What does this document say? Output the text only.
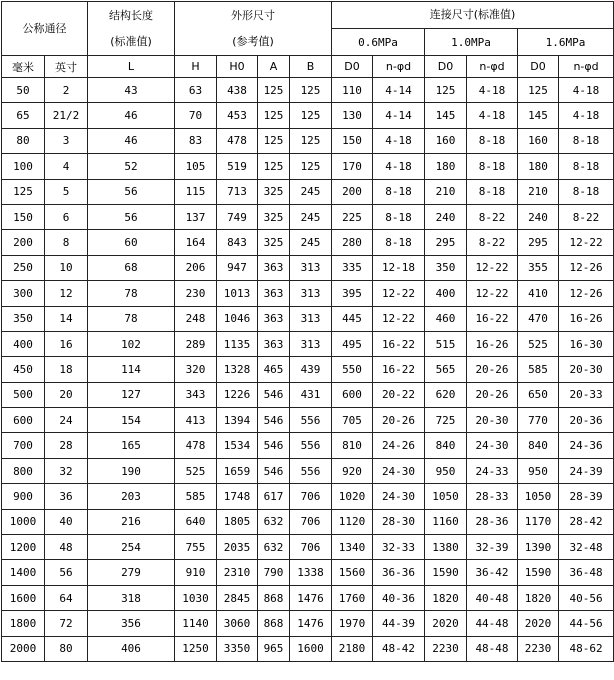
公称通径		结构长度
(标准值)	外形尺寸
(参考值)				连接尺寸(标准值)					
							0.6MPa		1.0MPa		1.6MPa	
毫米	英寸	L	H	H0	A	B	D0	n-φd	D0	n-φd	D0	n-φd
50	2	43	63	438	125	125	110	4-14	125	4-18	125	4-18
65	21/2	46	70	453	125	125	130	4-14	145	4-18	145	4-18
80	3	46	83	478	125	125	150	4-18	160	8-18	160	8-18
100	4	52	105	519	125	125	170	4-18	180	8-18	180	8-18
125	5	56	115	713	325	245	200	8-18	210	8-18	210	8-18
150	6	56	137	749	325	245	225	8-18	240	8-22	240	8-22
200	8	60	164	843	325	245	280	8-18	295	8-22	295	12-22
250	10	68	206	947	363	313	335	12-18	350	12-22	355	12-26
300	12	78	230	1013	363	313	395	12-22	400	12-22	410	12-26
350	14	78	248	1046	363	313	445	12-22	460	16-22	470	16-26
400	16	102	289	1135	363	313	495	16-22	515	16-26	525	16-30
450	18	114	320	1328	465	439	550	16-22	565	20-26	585	20-30
500	20	127	343	1226	546	431	600	20-22	620	20-26	650	20-33
600	24	154	413	1394	546	556	705	20-26	725	20-30	770	20-36
700	28	165	478	1534	546	556	810	24-26	840	24-30	840	24-36
800	32	190	525	1659	546	556	920	24-30	950	24-33	950	24-39
900	36	203	585	1748	617	706	1020	24-30	1050	28-33	1050	28-39
1000	40	216	640	1805	632	706	1120	28-30	1160	28-36	1170	28-42
1200	48	254	755	2035	632	706	1340	32-33	1380	32-39	1390	32-48
1400	56	279	910	2310	790	1338	1560	36-36	1590	36-42	1590	36-48
1600	64	318	1030	2845	868	1476	1760	40-36	1820	40-48	1820	40-56
1800	72	356	1140	3060	868	1476	1970	44-39	2020	44-48	2020	44-56
2000	80	406	1250	3350	965	1600	2180	48-42	2230	48-48	2230	48-62
